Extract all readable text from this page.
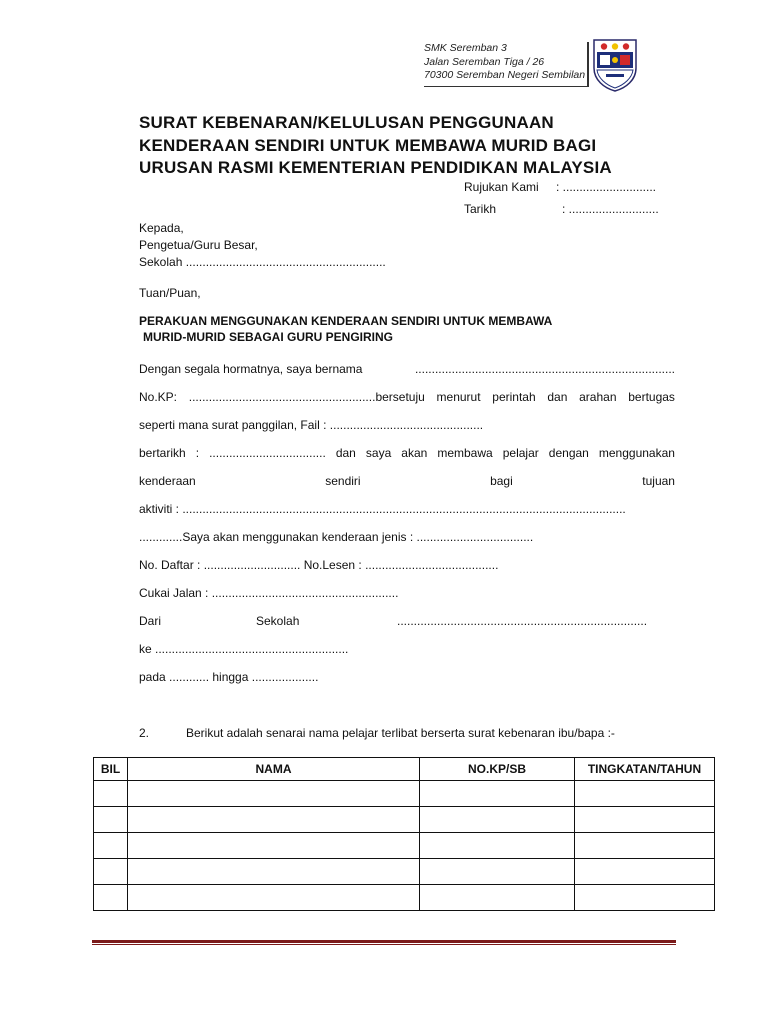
SMK Seremban 3
Jalan Seremban Tiga / 26
70300 Seremban Negeri Sembilan
SURAT KEBENARAN/KELULUSAN PENGGUNAAN
KENDERAAN SENDIRI UNTUK MEMBAWA MURID BAGI
URUSAN RASMI KEMENTERIAN PENDIDIKAN MALAYSIA
Rujukan Kami : ............................
Tarikh	: ...........................
Kepada,
Pengetua/Guru Besar,
Sekolah ............................................................
Tuan/Puan,
PERAKUAN MENGGUNAKAN KENDERAAN SENDIRI UNTUK MEMBAWA
MURID-MURID SEBAGAI GURU PENGIRING
Dengan segala hormatnya, saya bernama	..............................................................................
No.KP: ........................................................bersetuju menurut perintah dan arahan bertugas
seperti mana surat panggilan, Fail : ..............................................
bertarikh : ................................... dan saya akan membawa pelajar dengan menggunakan
kenderaan	sendiri	bagi	tujuan
aktiviti : .....................................................................................................................................
.............Saya akan menggunakan kenderaan jenis : ...................................
No. Daftar : ............................. No.Lesen : ........................................
Cukai Jalan : ........................................................
Dari	Sekolah	...........................................................................
ke ..........................................................
pada ............ hingga ....................
2.	Berikut adalah senarai nama pelajar terlibat berserta surat kebenaran ibu/bapa :-
BIL	NAMA	NO.KP/SB	TINGKATAN/TAHUN
